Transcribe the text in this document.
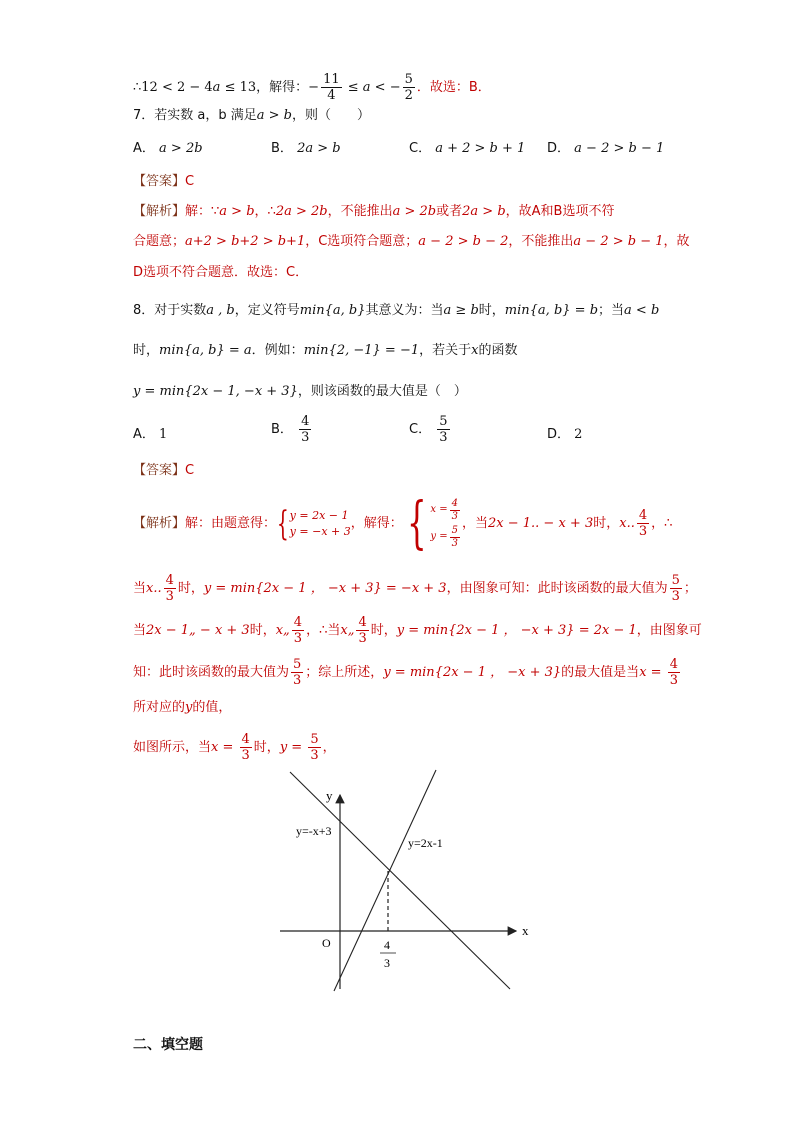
∴12 < 2 − 4a ≤ 13，解得：− $\frac{11}{4} \le a$ < − $\frac{5}{2}$ ．故选：B．
7．若实数 a，b 满足a > b，则（　　）
A． a > 2b	B． 2a > b	C． a + 2 > b + 1 D． a − 2 > b − 1
【答案】C
【解析】解：∵a > b，∴2a > 2b，不能推出a > 2b或者2a > b，故A和B选项不符
合题意；a+2 > b+2 > b+1，C选项符合题意；a − 2 > b − 2，不能推出a − 2 > b − 1，故
D选项不符合题意．故选：C．
8．对于实数a , b，定义符号min{a, b}其意义为：当a ≥ b时，min{a, b} = b；当a < b
时，min{a, b} = a．例如：min{2, −1} = −1，若关于x的函数
y = min{2x − 1, −x + 3}，则该函数的最大值是（　）
A． 1	B． $\frac{4}{3}$	C． $\frac{5}{3}$	D． 2
【答案】C
【解析】解：由题意得：{ y = 2x − 1
y = −x + 3 ，解得：{ $x = \frac{4}{3}$
$y = \frac{5}{3}$
，当2x − 1.. − x + 3时，x.. $\frac{4}{3}$ ，∴
当x.. $\frac{4}{3}$ 时，y = min{2x − 1 ， −x + 3} = −x + 3，由图象可知：此时该函数的最大值为 $\frac{5}{3}$ ；
当2x − 1„ − x + 3时，x„ $\frac{4}{3}$ ，∴当x„ $\frac{4}{3}$ 时，y = min{2x − 1 ， −x + 3} = 2x − 1，由图象可
知：此时该函数的最大值为 $\frac{5}{3}$ ；综上所述，y = min{2x − 1 ， −x + 3}的最大值是当$x = \frac{4}{3}$
所对应的y的值，
如图所示，当$x = \frac{4}{3}$ 时，$y = \frac{5}{3}$ ，
y
x
O
y=-x+3
y=2x-1
4
3
二、填空题
